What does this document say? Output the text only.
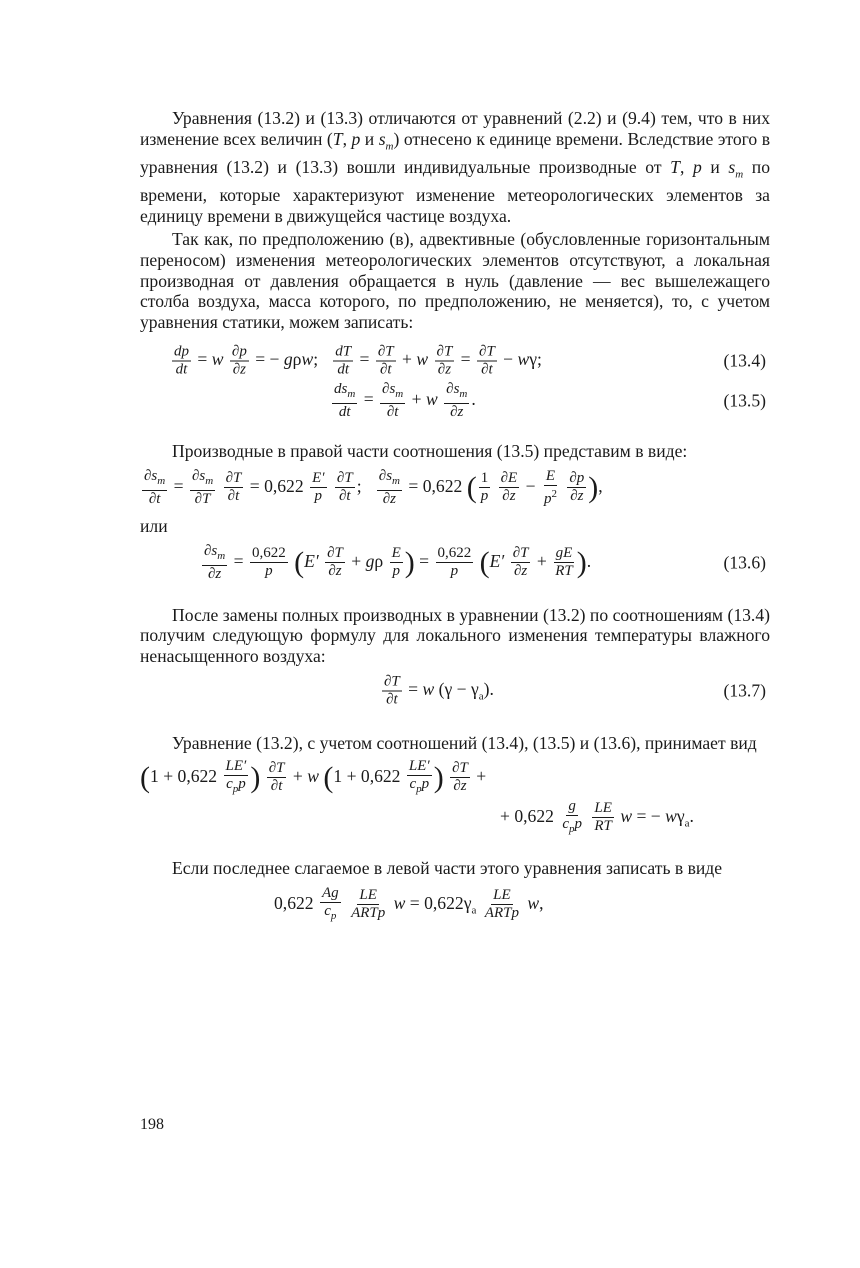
Уравнения (13.2) и (13.3) отличаются от уравнений (2.2) и (9.4) тем, что в них изменение всех величин (T, p и $s_m$) отнесено к единице времени. Вследствие этого в уравнения (13.2) и (13.3) вошли индивидуальные производные от T, p и $s_m$ по времени, которые характеризуют изменение метеорологических элементов за единицу времени в движущейся частице воздуха.

Так как, по предположению (в), адвективные (обусловленные горизонтальным переносом) изменения метеорологических элементов отсутствуют, а локальная производная от давления обращается в нуль (давление — вес вышележащего столба воздуха, масса которого, по предположению, не меняется), то, с учетом уравнения статики, можем записать:

$\frac{dp}{dt} = w \frac{\partial p}{\partial z}$ = − gρw; $\frac{dT}{dt} = \frac{\partial T}{\partial t} + w \frac{\partial T}{\partial z} = \frac{\partial T}{\partial t} - w\gamma$;	(13.4)
$\frac{ds_m}{dt} = \frac{\partial s_m}{\partial t} + w \frac{\partial s_m}{\partial z}$ .	(13.5)

Производные в правой части соотношения (13.5) представим в виде:

$\frac{\partial s_m}{\partial t} = \frac{\partial s_m}{\partial T}$
$\frac{\partial T}{\partial t} = 0,622 \frac{E'}{p}$
$\frac{\partial T}{\partial t}$ ; $\frac{\partial s_m}{\partial z} = 0,622$ ( $\frac{1}{p}$
$\frac{\partial E}{\partial z} - \frac{E}{p^2}$
$\frac{\partial p}{\partial z}$ ),

или

$\frac{\partial s_m}{\partial z} = \frac{0,622}{p} (E' \frac{\partial T}{\partial z} + g\rho \frac{E}{p}$ ) = $\frac{0,622}{p} (E' \frac{\partial T}{\partial z} + \frac{gE}{RT}$ ).	(13.6)

После замены полных производных в уравнении (13.2) по соотношениям (13.4) получим следующую формулу для локального изменения температуры влажного ненасыщенного воздуха:

$\frac{\partial T}{\partial t} = w$ $(\gamma - \gamma_а)$.	(13.7)

Уравнение (13.2), с учетом соотношений (13.4), (13.5) и (13.6), принимает вид

($1 + 0,622 \frac{LE'}{c_pp}$ ) $\frac{\partial T}{\partial t} + w$ ($1 + 0,622 \frac{LE'}{c_pp}$ ) $\frac{\partial T}{\partial z}$ +
+ $0,622 \frac{g}{c_pp}$
$\frac{LE}{RT}$ w = − $w\gamma_а$.

Если последнее слагаемое в левой части этого уравнения записать в виде

$0,622 \frac{Ag}{c_p}$
$\frac{LE}{\text{ARTp}}$ $w = 0,622\gamma_а \frac{LE}{\text{ARTp}} w$,
198
